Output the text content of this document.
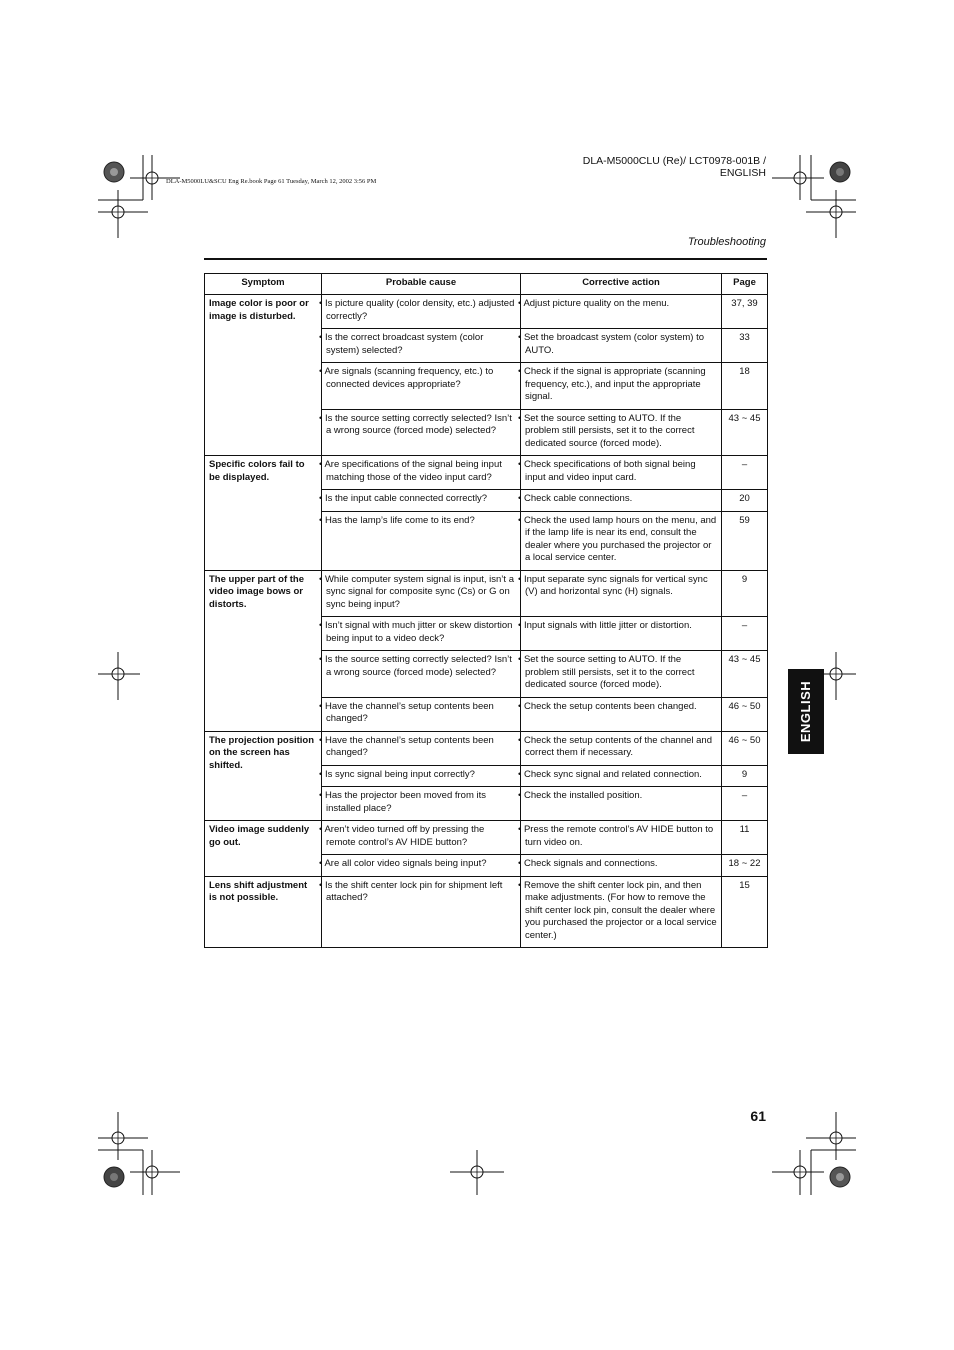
DLA-M5000CLU (Re)/ LCT0978-001B / ENGLISH
DLA-M5000LU&SCU Eng Re.book Page 61 Tuesday, March 12, 2002 3:56 PM
Troubleshooting
Symptom	Probable cause	Corrective action	Page
Image color is poor or image is disturbed.	• Is picture quality (color density, etc.) adjusted correctly?	• Adjust picture quality on the menu.	37, 39
	• Is the correct broadcast system (color system) selected?	• Set the broadcast system (color system) to AUTO.	33
	• Are signals (scanning frequency, etc.) to connected devices appropriate?	• Check if the signal is appropriate (scanning frequency, etc.), and input the appropriate signal.	18
	• Is the source setting correctly selected? Isn’t a wrong source (forced mode) selected?	• Set the source setting to AUTO. If the problem still persists, set it to the correct dedicated source (forced mode).	43 ~ 45
Specific colors fail to be displayed.	• Are specifications of the signal being input matching those of the video input card?	• Check specifications of both signal being input and video input card.	–
	• Is the input cable connected correctly?	• Check cable connections.	20
	• Has the lamp’s life come to its end?	• Check the used lamp hours on the menu, and if the lamp life is near its end, consult the dealer where you purchased the projector or a local service center.	59
The upper part of the video image bows or distorts.	• While computer system signal is input, isn’t a sync signal for composite sync (Cs) or G on sync being input?	• Input separate sync signals for vertical sync (V) and horizontal sync (H) signals.	9
	• Isn’t signal with much jitter or skew distortion being input to a video deck?	• Input signals with little jitter or distortion.	–
	• Is the source setting correctly selected? Isn’t a wrong source (forced mode) selected?	• Set the source setting to AUTO. If the problem still persists, set it to the correct dedicated source (forced mode).	43 ~ 45
	• Have the channel’s setup contents been changed?	• Check the setup contents been changed.	46 ~ 50
The projection position on the screen has shifted.	• Have the channel’s setup contents been changed?	• Check the setup contents of the channel and correct them if necessary.	46 ~ 50
	• Is sync signal being input correctly?	• Check sync signal and related connection.	9
	• Has the projector been moved from its installed place?	• Check the installed position.	–
Video image suddenly go out.	• Aren’t video turned off by pressing the remote control’s AV HIDE button?	• Press the remote control’s AV HIDE button to turn video on.	11
	• Are all color video signals being input?	• Check signals and connections.	18 ~ 22
Lens shift adjustment is not possible.	• Is the shift center lock pin for shipment left attached?	• Remove the shift center lock pin, and then make adjustments. (For how to remove the shift center lock pin, consult the dealer where you purchased the projector or a local service center.)	15
ENGLISH
61
